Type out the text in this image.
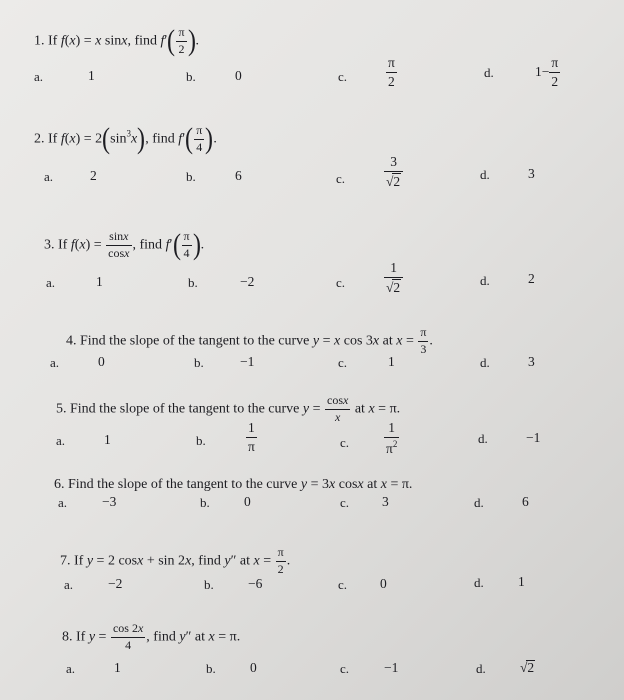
1. If f(x) = x sinx, find $f'( \frac{\pi}{2}$ ).
a.	1	b.	0	c.	$\frac{\pi}{2}$	d.	$1- \frac{\pi}{2}$
2. If $f(x) = 2(\sin^3x)$, find $f'( \frac{\pi}{4}$ ).
a.	2	b.	6	c.	$\frac{3}{√2}$	d.	3
3. If $f(x) = \frac{\sin x}{\cos x}$ , find $f'( \frac{\pi}{4}$ ).
a.	1	b.	−2	c.	$\frac{1}{√2}$	d.	2
4. Find the slope of the tangent to the curve y = x cos 3x at $x = \frac{\pi}{3}$ .
a.	0	b.	−1	c.	1	d.	3
5. Find the slope of the tangent to the curve $y = \frac{\cos x}{x}$ at x = π.
a.	1	b.	$\frac{1}{\pi}$	c.	$\frac{1}{\pi^2}$	d.	−1
6. Find the slope of the tangent to the curve y = 3x cosx at x = π.
a.	−3	b.	0	c. 3	d.	6
7. If y = 2 cosx + sin 2x, find y″ at $x = \frac{\pi}{2}$ .
a.	−2	b.	−6	c. 0	d.	1
8. If $y = \frac{\cos 2x}{4}$ , find y″ at x = π.
a.	1	b.	0	c.	−1	d.	√2
